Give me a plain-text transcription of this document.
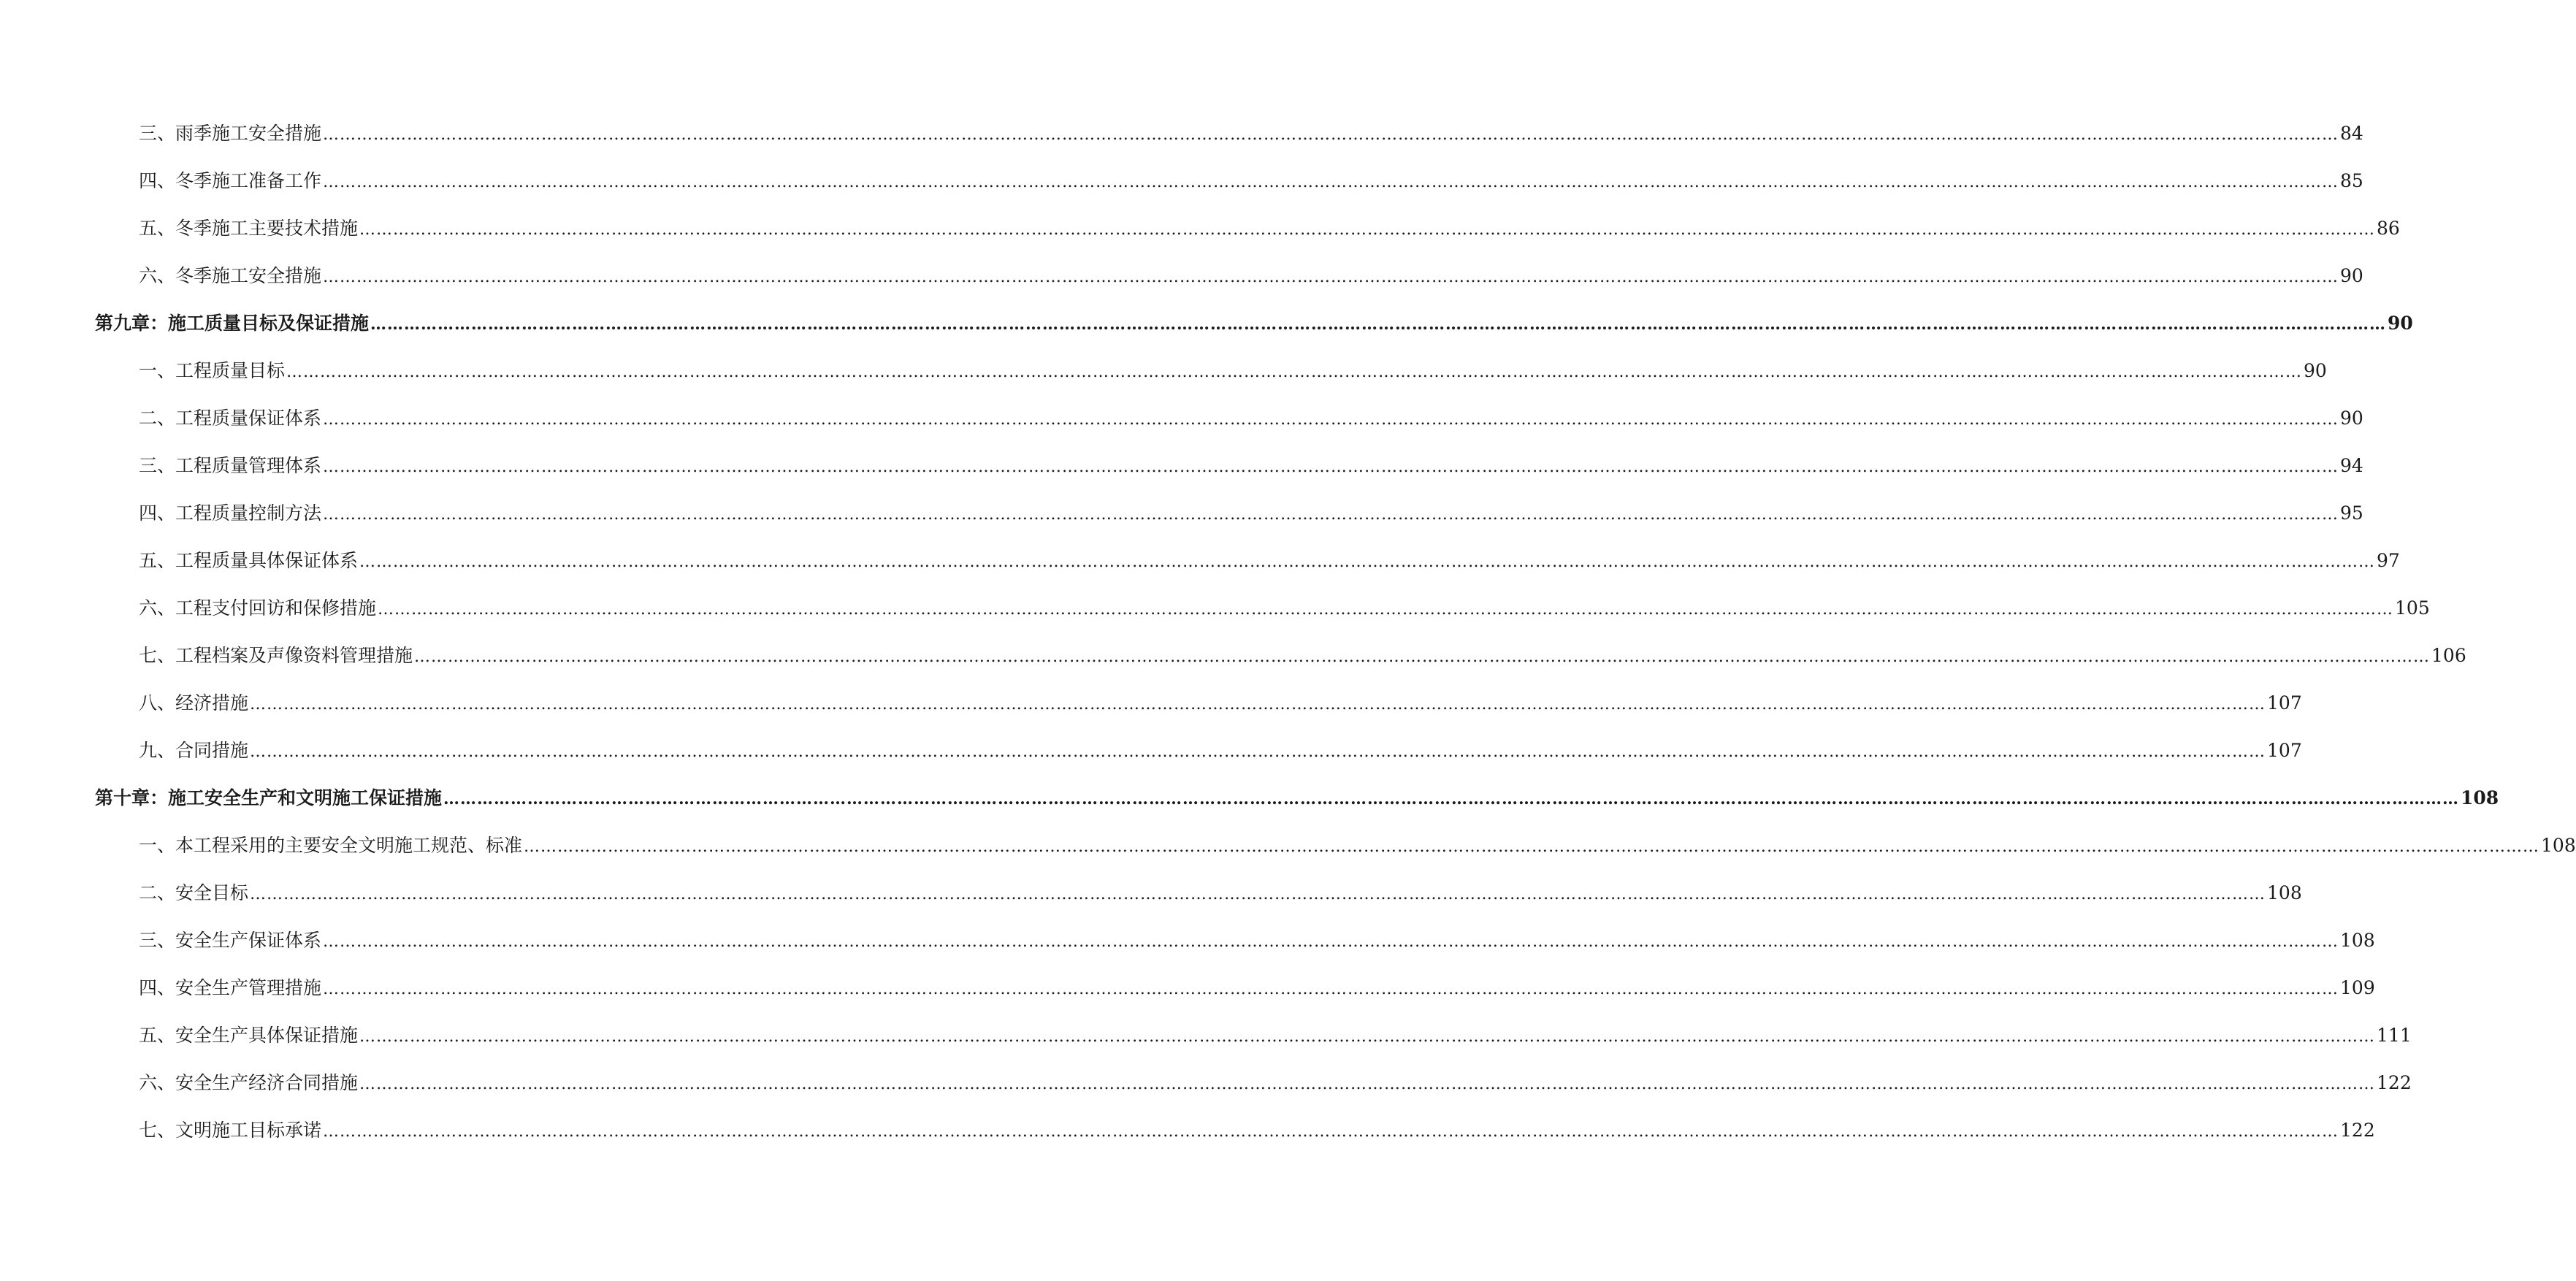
三、雨季施工安全措施 ……………………………………………………………………………………………………………………………………………………………………………………………………………………………………………………………………………………………………………………………… 84
四、冬季施工准备工作 ……………………………………………………………………………………………………………………………………………………………………………………………………………………………………………………………………………………………………………………………… 85
五、冬季施工主要技术措施 ……………………………………………………………………………………………………………………………………………………………………………………………………………………………………………………………………………………………………………………………… 86
六、冬季施工安全措施 ……………………………………………………………………………………………………………………………………………………………………………………………………………………………………………………………………………………………………………………………… 90
第九章：施工质量目标及保证措施 ……………………………………………………………………………………………………………………………………………………………………………………………………………………………………………………………………………………………………………………………… 90
一、工程质量目标 ……………………………………………………………………………………………………………………………………………………………………………………………………………………………………………………………………………………………………………………………… 90
二、工程质量保证体系 ……………………………………………………………………………………………………………………………………………………………………………………………………………………………………………………………………………………………………………………………… 90
三、工程质量管理体系 ……………………………………………………………………………………………………………………………………………………………………………………………………………………………………………………………………………………………………………………………… 94
四、工程质量控制方法 ……………………………………………………………………………………………………………………………………………………………………………………………………………………………………………………………………………………………………………………………… 95
五、工程质量具体保证体系 ……………………………………………………………………………………………………………………………………………………………………………………………………………………………………………………………………………………………………………………………… 97
六、工程支付回访和保修措施 ……………………………………………………………………………………………………………………………………………………………………………………………………………………………………………………………………………………………………………………………… 105
七、工程档案及声像资料管理措施 ……………………………………………………………………………………………………………………………………………………………………………………………………………………………………………………………………………………………………………………………… 106
八、经济措施 ……………………………………………………………………………………………………………………………………………………………………………………………………………………………………………………………………………………………………………………………… 107
九、合同措施 ……………………………………………………………………………………………………………………………………………………………………………………………………………………………………………………………………………………………………………………………… 107
第十章：施工安全生产和文明施工保证措施 ……………………………………………………………………………………………………………………………………………………………………………………………………………………………………………………………………………………………………………………………… 108
一、本工程采用的主要安全文明施工规范、标准 ……………………………………………………………………………………………………………………………………………………………………………………………………………………………………………………………………………………………………………………………… 108
二、安全目标 ……………………………………………………………………………………………………………………………………………………………………………………………………………………………………………………………………………………………………………………………… 108
三、安全生产保证体系 ……………………………………………………………………………………………………………………………………………………………………………………………………………………………………………………………………………………………………………………………… 108
四、安全生产管理措施 ……………………………………………………………………………………………………………………………………………………………………………………………………………………………………………………………………………………………………………………………… 109
五、安全生产具体保证措施 ……………………………………………………………………………………………………………………………………………………………………………………………………………………………………………………………………………………………………………………………… 111
六、安全生产经济合同措施 ……………………………………………………………………………………………………………………………………………………………………………………………………………………………………………………………………………………………………………………………… 122
七、文明施工目标承诺 ……………………………………………………………………………………………………………………………………………………………………………………………………………………………………………………………………………………………………………………………… 122
